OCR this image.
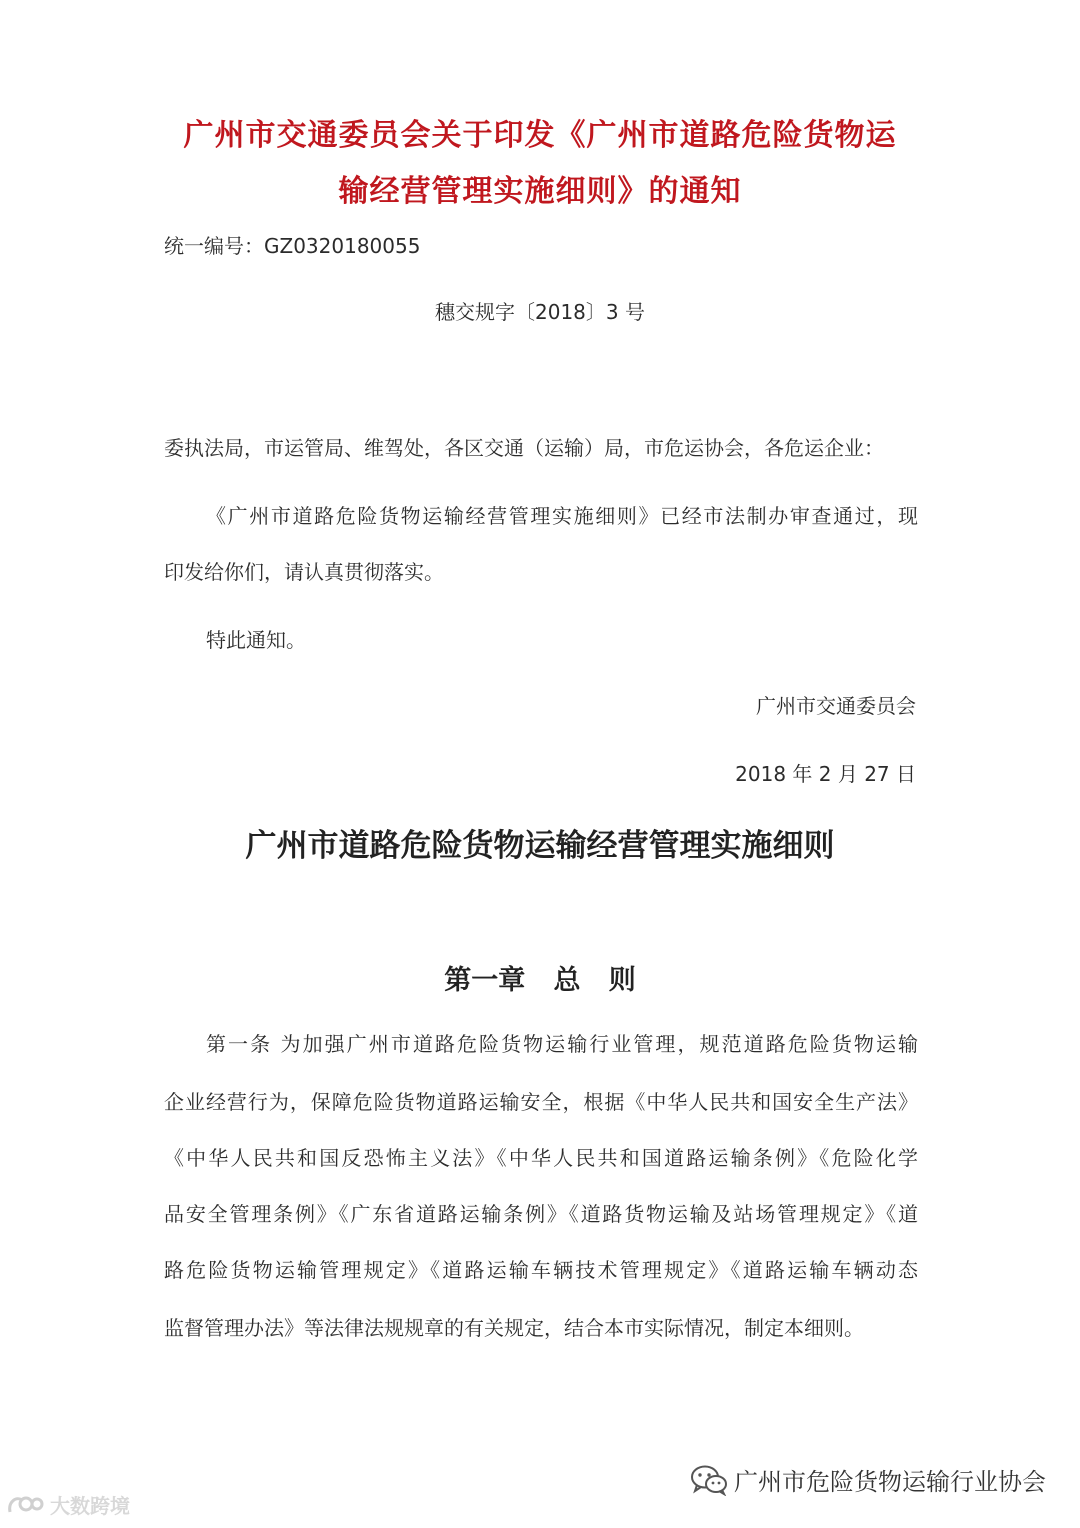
广州市交通委员会关于印发《广州市道路危险货物运
输经营管理实施细则》的通知

统一编号：GZ0320180055

穗交规字〔2018〕3 号

委执法局，市运管局、维驾处，各区交通（运输）局，市危运协会，各危运企业：

《广州市道路危险货物运输经营管理实施细则》已经市法制办审查通过，现

印发给你们，请认真贯彻落实。

特此通知。

广州市交通委员会

2018 年 2 月 27 日

广州市道路危险货物运输经营管理实施细则
第一章   总   则

第一条 为加强广州市道路危险货物运输行业管理，规范道路危险货物运输

企业经营行为，保障危险货物道路运输安全，根据《中华人民共和国安全生产法》

《中华人民共和国反恐怖主义法》《中华人民共和国道路运输条例》《危险化学

品安全管理条例》《广东省道路运输条例》《道路货物运输及站场管理规定》《道

路危险货物运输管理规定》《道路运输车辆技术管理规定》《道路运输车辆动态

监督管理办法》等法律法规规章的有关规定，结合本市实际情况，制定本细则。

广州市危险货物运输行业协会
大数跨境
